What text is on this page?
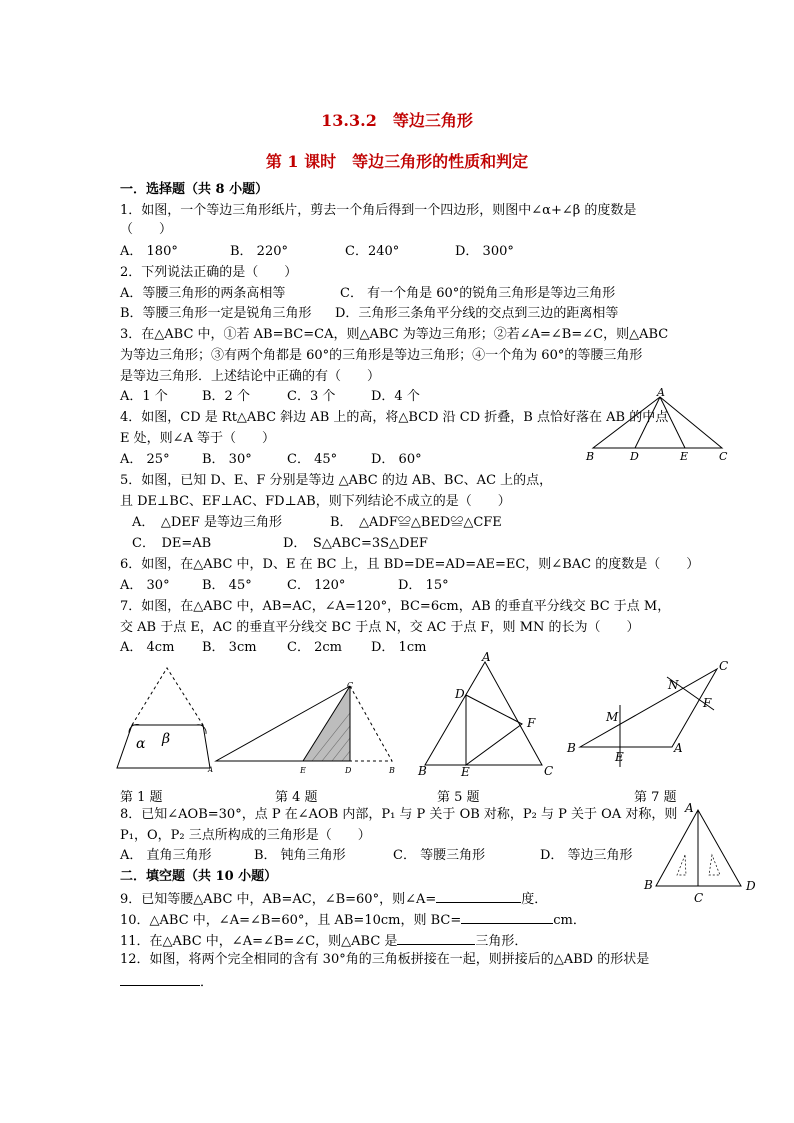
13.3.2　等边三角形
第 1 课时　等边三角形的性质和判定
一．选择题（共 8 小题）
1．如图，一个等边三角形纸片，剪去一个角后得到一个四边形，则图中∠α+∠β 的度数是
（　　）
A． 180°	B． 220°	C．240°	D． 300°
2．下列说法正确的是（　　）
A．等腰三角形的两条高相等	C． 有一个角是 60°的锐角三角形是等边三角形
B．等腰三角形一定是锐角三角形 D．三角形三条角平分线的交点到三边的距离相等
3．在△ABC 中，①若 AB=BC=CA，则△ABC 为等边三角形；②若∠A=∠B=∠C，则△ABC
为等边三角形；③有两个角都是 60°的三角形是等边三角形；④一个角为 60°的等腰三角形
是等边三角形．上述结论中正确的有（　　）
A．1 个	B．2 个	C．3 个	D．4 个
4．如图，CD 是 Rt△ABC 斜边 AB 上的高，将△BCD 沿 CD 折叠，B 点恰好落在 AB 的中点
E 处，则∠A 等于（　　）
A． 25° B． 30°	C． 45°	D． 60°
A
B	D	E	C
5．如图，已知 D、E、F 分别是等边 △ABC 的边 AB、BC、AC 上的点，
且 DE⊥BC、EF⊥AC、FD⊥AB，则下列结论不成立的是（　　）
A．　△DEF 是等边三角形	B．　△ADF≌△BED≌△CFE
C．　DE=AB	D．　S△ABC=3S△DEF
6．如图，在△ABC 中，D、E 在 BC 上，且 BD=DE=AD=AE=EC，则∠BAC 的度数是（　　）
A． 30° B． 45°	C． 120°	D． 15°
7．如图，在△ABC 中，AB=AC，∠A=120°，BC=6cm，AB 的垂直平分线交 BC 于点 M，
交 AB 于点 E，AC 的垂直平分线交 BC 于点 N，交 AC 于点 F，则 MN 的长为（　　）
A． 4cm B． 3cm C． 2cm D． 1cm
α β
A
C
E	D	B
A
D
F
B	E	C
C
N
F
M
B
E
A
第 1 题	第 4 题	第 5 题	第 7 题
8．已知∠AOB=30°，点 P 在∠AOB 内部，P₁ 与 P 关于 OB 对称，P₂ 与 P 关于 OA 对称，则
P₁，O，P₂ 三点所构成的三角形是（　　）
A． 直角三角形	B． 钝角三角形	C． 等腰三角形	D． 等边三角形
A
B
C
D
二．填空题（共 10 小题）
9．已知等腰△ABC 中，AB=AC，∠B=60°，则∠A=	度．
10．△ABC 中，∠A=∠B=60°，且 AB=10cm，则 BC=	cm．
11．在△ABC 中，∠A=∠B=∠C，则△ABC 是	三角形．
12．如图，将两个完全相同的含有 30°角的三角板拼接在一起，则拼接后的△ABD 的形状是
．
